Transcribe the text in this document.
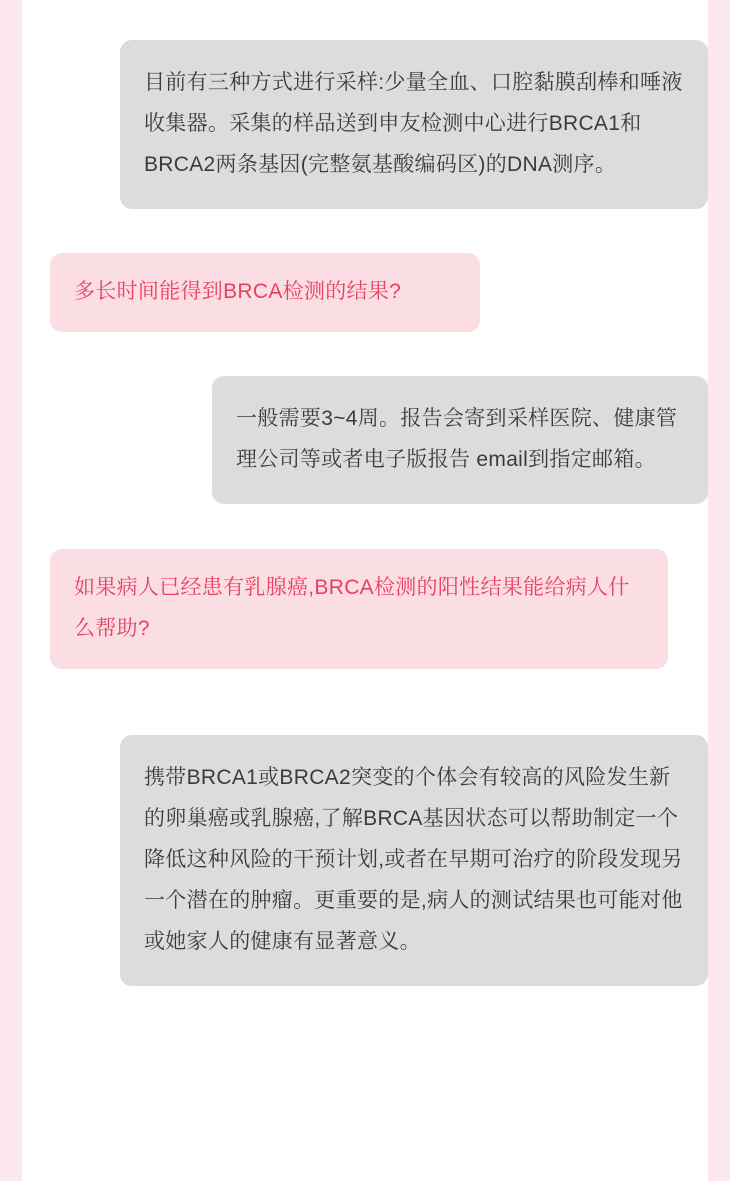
目前有三种方式进行采样:少量全血、口腔黏膜刮棒和唾液收集器。采集的样品送到申友检测中心进行BRCA1和BRCA2两条基因(完整氨基酸编码区)的DNA测序。
多长时间能得到BRCA检测的结果?
一般需要3~4周。报告会寄到采样医院、健康管理公司等或者电子版报告 email到指定邮箱。
如果病人已经患有乳腺癌,BRCA检测的阳性结果能给病人什么帮助?
携带BRCA1或BRCA2突变的个体会有较高的风险发生新的卵巢癌或乳腺癌,了解BRCA基因状态可以帮助制定一个降低这种风险的干预计划,或者在早期可治疗的阶段发现另一个潜在的肿瘤。更重要的是,病人的测试结果也可能对他或她家人的健康有显著意义。
